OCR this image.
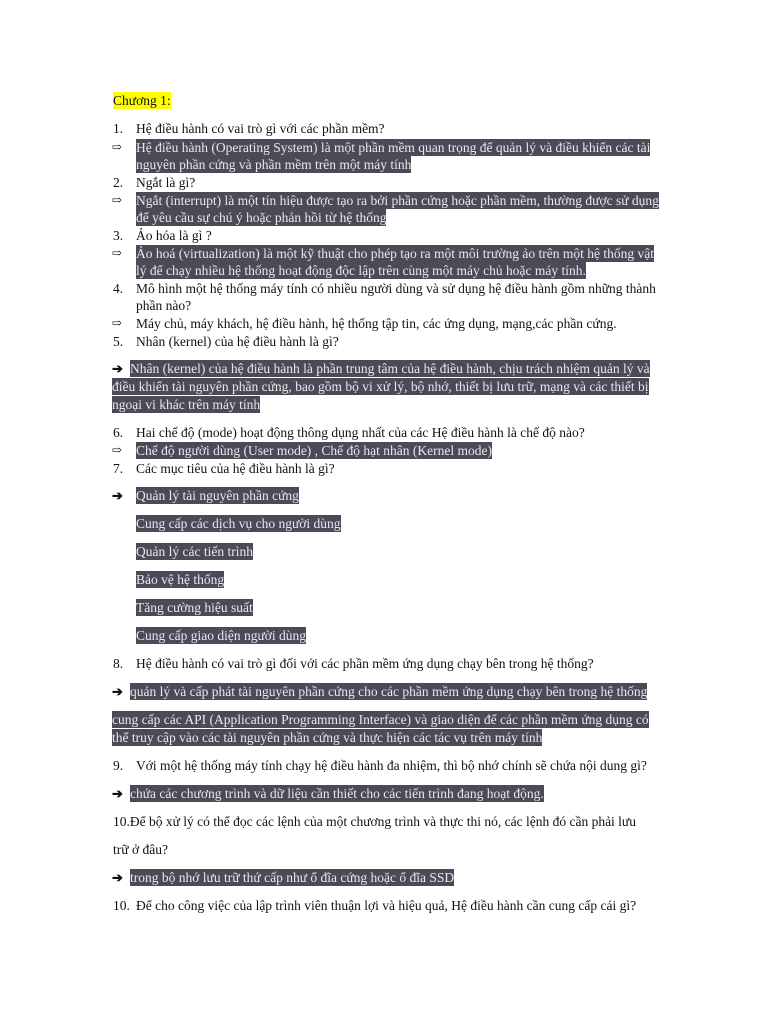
Chương 1:
1. Hệ điều hành có vai trò gì với các phần mềm?
⇨ Hệ điều hành (Operating System) là một phần mềm quan trọng để quản lý và điều khiển các tài
nguyên phần cứng và phần mềm trên một máy tính
2. Ngắt là gì?
⇨ Ngắt (interrupt) là một tín hiệu được tạo ra bởi phần cứng hoặc phần mềm, thường được sử dụng
để yêu cầu sự chú ý hoặc phản hồi từ hệ thống
3. Ảo hóa là gì ?
⇨ Ảo hoá (virtualization) là một kỹ thuật cho phép tạo ra một môi trường ảo trên một hệ thống vật
lý để chạy nhiều hệ thống hoạt động độc lập trên cùng một máy chủ hoặc máy tính.
4. Mô hình một hệ thống máy tính có nhiều người dùng và sử dụng hệ điều hành gồm những thành
phần nào?
⇨ Máy chủ, máy khách, hệ điều hành, hệ thống tập tin, các ứng dụng, mạng,các phần cứng.
5. Nhân (kernel) của hệ điều hành là gì?
➔ Nhân (kernel) của hệ điều hành là phần trung tâm của hệ điều hành, chịu trách nhiệm quản lý và
điều khiển tài nguyên phần cứng, bao gồm bộ vi xử lý, bộ nhớ, thiết bị lưu trữ, mạng và các thiết bị
ngoại vi khác trên máy tính
6. Hai chế độ (mode) hoạt động thông dụng nhất của các Hệ điều hành là chế độ nào?
⇨ Chế độ người dùng (User mode) , Chế độ hạt nhân (Kernel mode)
7. Các mục tiêu của hệ điều hành là gì?
➔ Quản lý tài nguyên phần cứng
Cung cấp các dịch vụ cho người dùng
Quản lý các tiến trình
Bảo vệ hệ thống
Tăng cường hiệu suất
Cung cấp giao diện người dùng
8. Hệ điều hành có vai trò gì đối với các phần mềm ứng dụng chạy bên trong hệ thống?
➔ quản lý và cấp phát tài nguyên phần cứng cho các phần mềm ứng dụng chạy bên trong hệ thống
cung cấp các API (Application Programming Interface) và giao diện để các phần mềm ứng dụng có
thể truy cập vào các tài nguyên phần cứng và thực hiện các tác vụ trên máy tính
9. Với một hệ thống máy tính chạy hệ điều hành đa nhiệm, thì bộ nhớ chính sẽ chứa nội dung gì?
➔ chứa các chương trình và dữ liệu cần thiết cho các tiến trình đang hoạt động.
10.Để bộ xử lý có thể đọc các lệnh của một chương trình và thực thi nó, các lệnh đó cần phải lưu
trữ ở đâu?
➔ trong bộ nhớ lưu trữ thứ cấp như ổ đĩa cứng hoặc ổ đĩa SSD
10. Để cho công việc của lập trình viên thuận lợi và hiệu quả, Hệ điều hành cần cung cấp cái gì?
